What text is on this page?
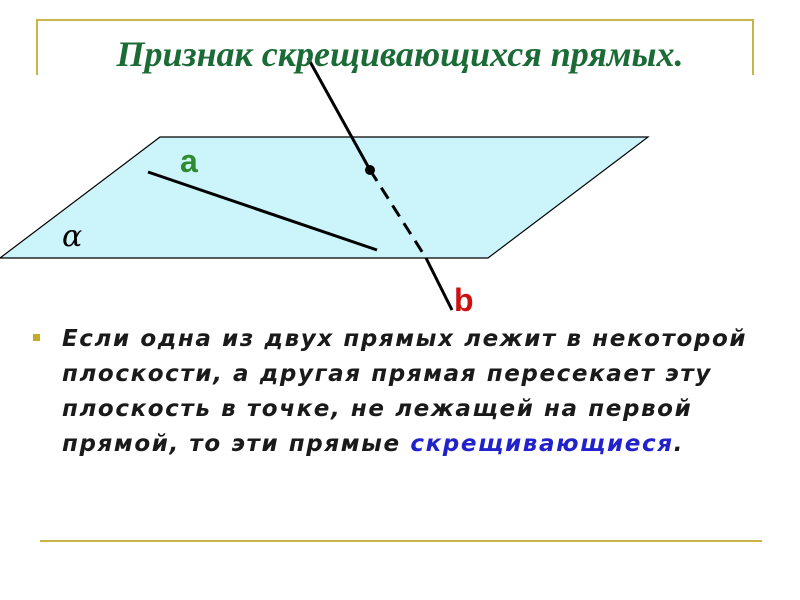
a
b
α
Признак скрещивающихся прямых.

Если одна из двух прямых лежит в некоторой плоскости, а другая прямая пересекает эту плоскость в точке, не лежащей на первой прямой, то эти прямые скрещивающиеся.
